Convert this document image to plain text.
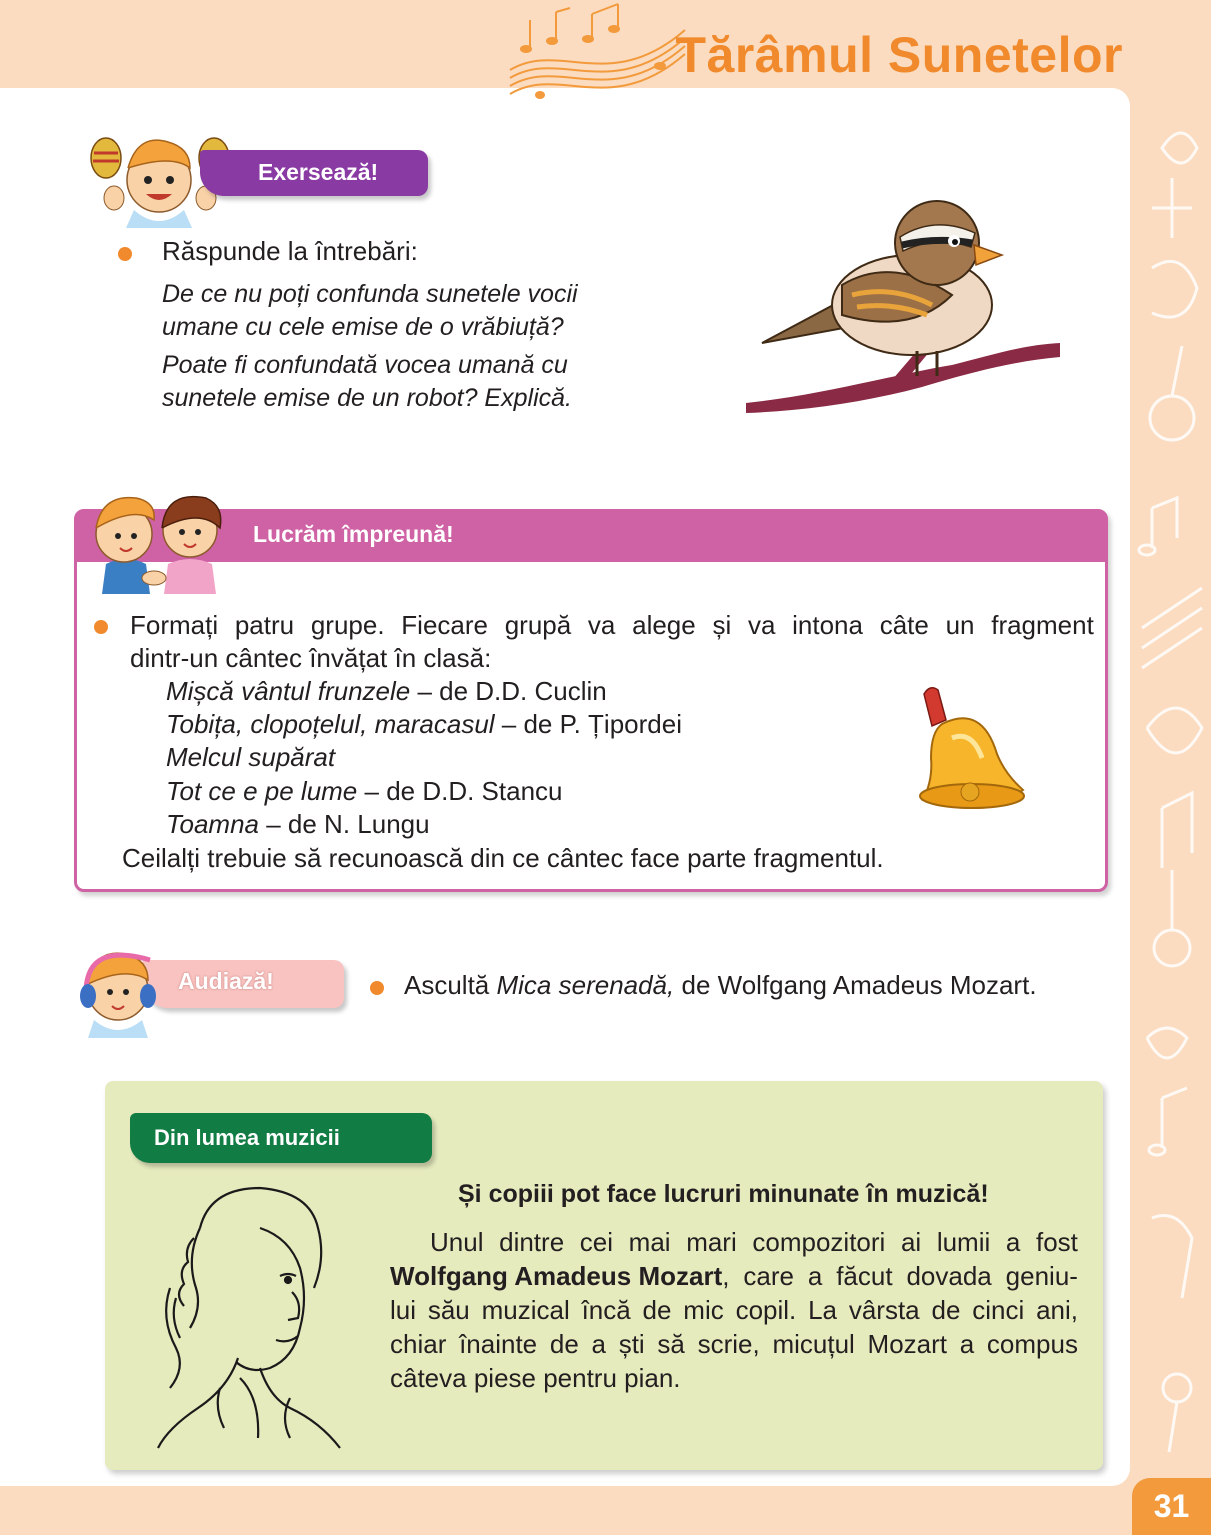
Tărâmul Sunetelor
Exersează!
Răspunde la întrebări:
De ce nu poți confunda sunetele vocii
umane cu cele emise de o vrăbiuță?
Poate fi confundată vocea umană cu
sunetele emise de un robot? Explică.
Lucrăm împreună!
Formați patru grupe. Fiecare grupă va alege și va intona câte un fragment
dintr-un cântec învățat în clasă:
Mișcă vântul frunzele – de D.D. Cuclin
Tobița, clopoțelul, maracasul – de P. Țipordei
Melcul supărat
Tot ce e pe lume – de D.D. Stancu
Toamna – de N. Lungu
Ceilalți trebuie să recunoască din ce cântec face parte fragmentul.
Audiază!	Ascultă Mica serenadă, de Wolfgang Amadeus Mozart.
Din lumea muzicii
Și copiii pot face lucruri minunate în muzică!
Unul dintre cei mai mari compozitori ai lumii a fost
Wolfgang Amadeus Mozart, care a făcut dovada geniu-
lui său muzical încă de mic copil. La vârsta de cinci ani,
chiar înainte de a ști să scrie, micuțul Mozart a compus
câteva piese pentru pian.
31
